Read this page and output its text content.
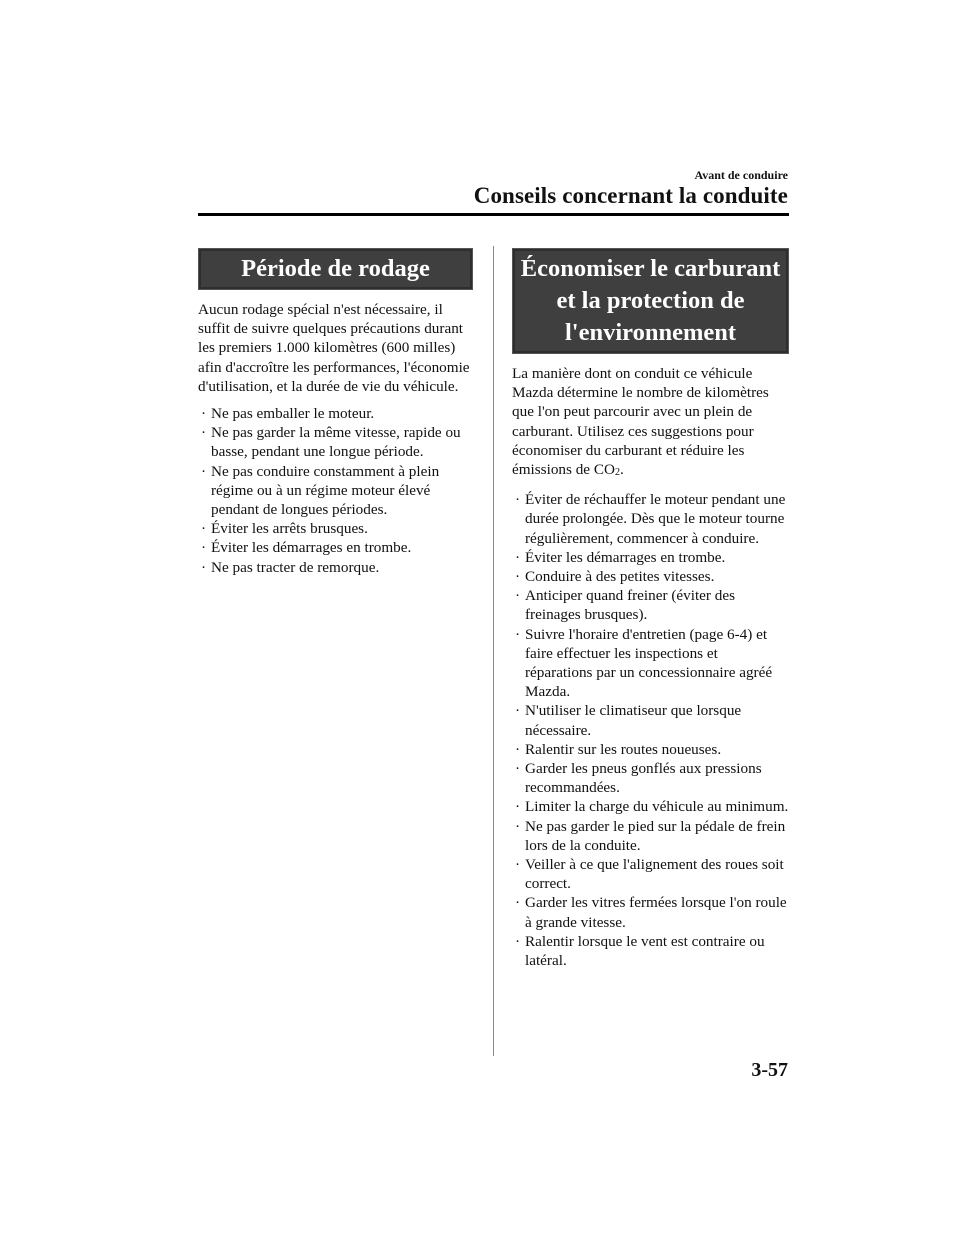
Avant de conduire
Conseils concernant la conduite
Période de rodage

Aucun rodage spécial n'est nécessaire, il suffit de suivre quelques précautions durant les premiers 1.000 kilomètres (600 milles) afin d'accroître les performances, l'économie d'utilisation, et la durée de vie du véhicule.

· Ne pas emballer le moteur.
· Ne pas garder la même vitesse, rapide ou basse, pendant une longue période.
· Ne pas conduire constamment à plein régime ou à un régime moteur élevé pendant de longues périodes.
· Éviter les arrêts brusques.
· Éviter les démarrages en trombe.
· Ne pas tracter de remorque.
Économiser le carburant
et la protection de
l'environnement

La manière dont on conduit ce véhicule Mazda détermine le nombre de kilomètres que l'on peut parcourir avec un plein de carburant. Utilisez ces suggestions pour économiser du carburant et réduire les émissions de $CO_2$.

· Éviter de réchauffer le moteur pendant une durée prolongée. Dès que le moteur tourne régulièrement, commencer à conduire.
· Éviter les démarrages en trombe.
· Conduire à des petites vitesses.
· Anticiper quand freiner (éviter des freinages brusques).
· Suivre l'horaire d'entretien (page 6-4) et faire effectuer les inspections et réparations par un concessionnaire agréé Mazda.
· N'utiliser le climatiseur que lorsque nécessaire.
· Ralentir sur les routes noueuses.
· Garder les pneus gonflés aux pressions recommandées.
· Limiter la charge du véhicule au minimum.
· Ne pas garder le pied sur la pédale de frein lors de la conduite.
· Veiller à ce que l'alignement des roues soit correct.
· Garder les vitres fermées lorsque l'on roule à grande vitesse.
· Ralentir lorsque le vent est contraire ou latéral.
3-57
